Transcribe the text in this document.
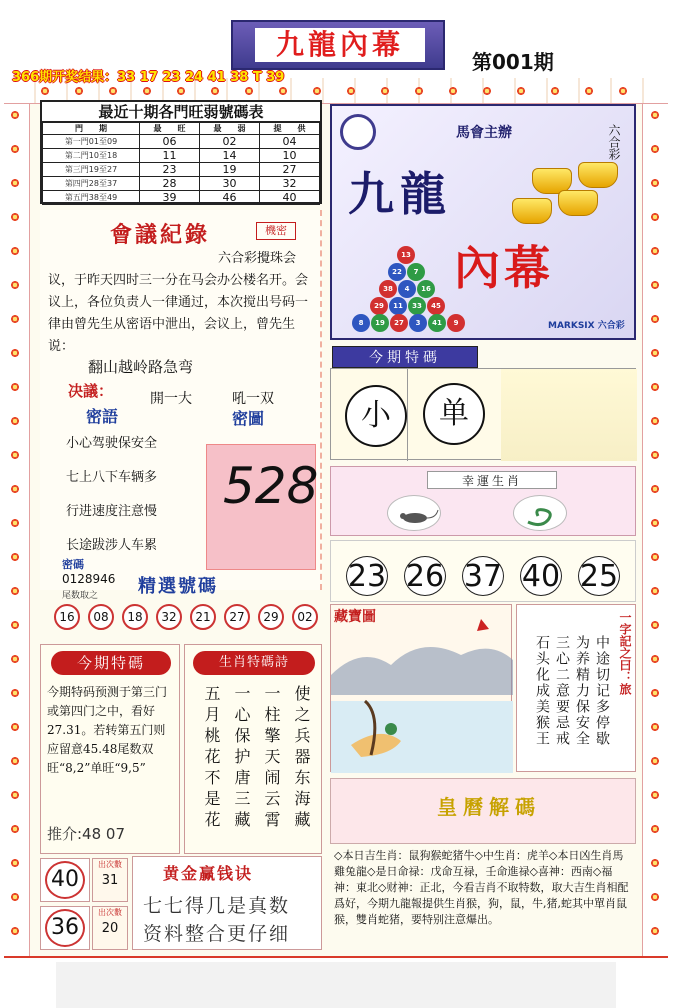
九龍內幕
第001期
366期开奖结果：33 17 23 24 41 38 T 39
最近十期各門旺弱號碼表
門　　期	最　　旺	最　　弱	提　　供
第一門01至09	06	02	04
第二門10至18	11	14	10
第三門19至27	23	19	27
第四門28至37	28	30	32
第五門38至49	39	46	40
會議紀錄	機密
六合彩攪珠会
议，于昨天四时三一分在马会办公楼名开。会议上，各位负责人一律通过，本次搅出号码一律由曾先生从密语中泄出，会议上，曾先生说：
翻山越岭路急弯
决議：	開一大	吼一双
密語	密圖
小心驾驶保安全
七上八下车辆多
行进速度注意慢
长途跋涉人车累
528
密碼
0128946
尾数取之 精選號碼
16	08	18	32	21	27	29	02
13
22	7
38	4	16
29	11	33	45
8	19	27	3	41	9
馬會主辦	六合彩
九龍
內幕
MARKSIX 六合彩
小	单
今期特碼
幸運生肖
23 26 37 40 25
藏寶圖	一字記之曰：旅
中途切记多停歇
为养精力保安全
三心二意要忌戒
石头化成美猴王
皇曆解碼
◇本日吉生肖：鼠狗猴蛇猪牛◇中生肖：虎羊◇本日凶生肖馬雞兔龍◇是日命禄：戊命互禄，壬命進禄◇喜神：西南◇福神：東北◇财神：正北，今看吉肖不取特数，取大吉生肖相配爲好，今期九龍報提供生肖猴，狗，鼠，牛,猪,蛇其中單肖鼠猴，雙肖蛇猪，要特别注意爆出。
今期特碼
今期特码预测于第三门或第四门之中，看好27.31。若转第五门则应留意45.48尾数双旺“8,2”单旺“9,5”
推介:48 07
生肖特碼詩
使之兵器东海藏
一柱擎天闹云霄
一心保护唐三藏
五月桃花不是花
40
出次數
31
36
出次數
20
黄金赢钱诀
七七得几是真数
资料整合更仔细
